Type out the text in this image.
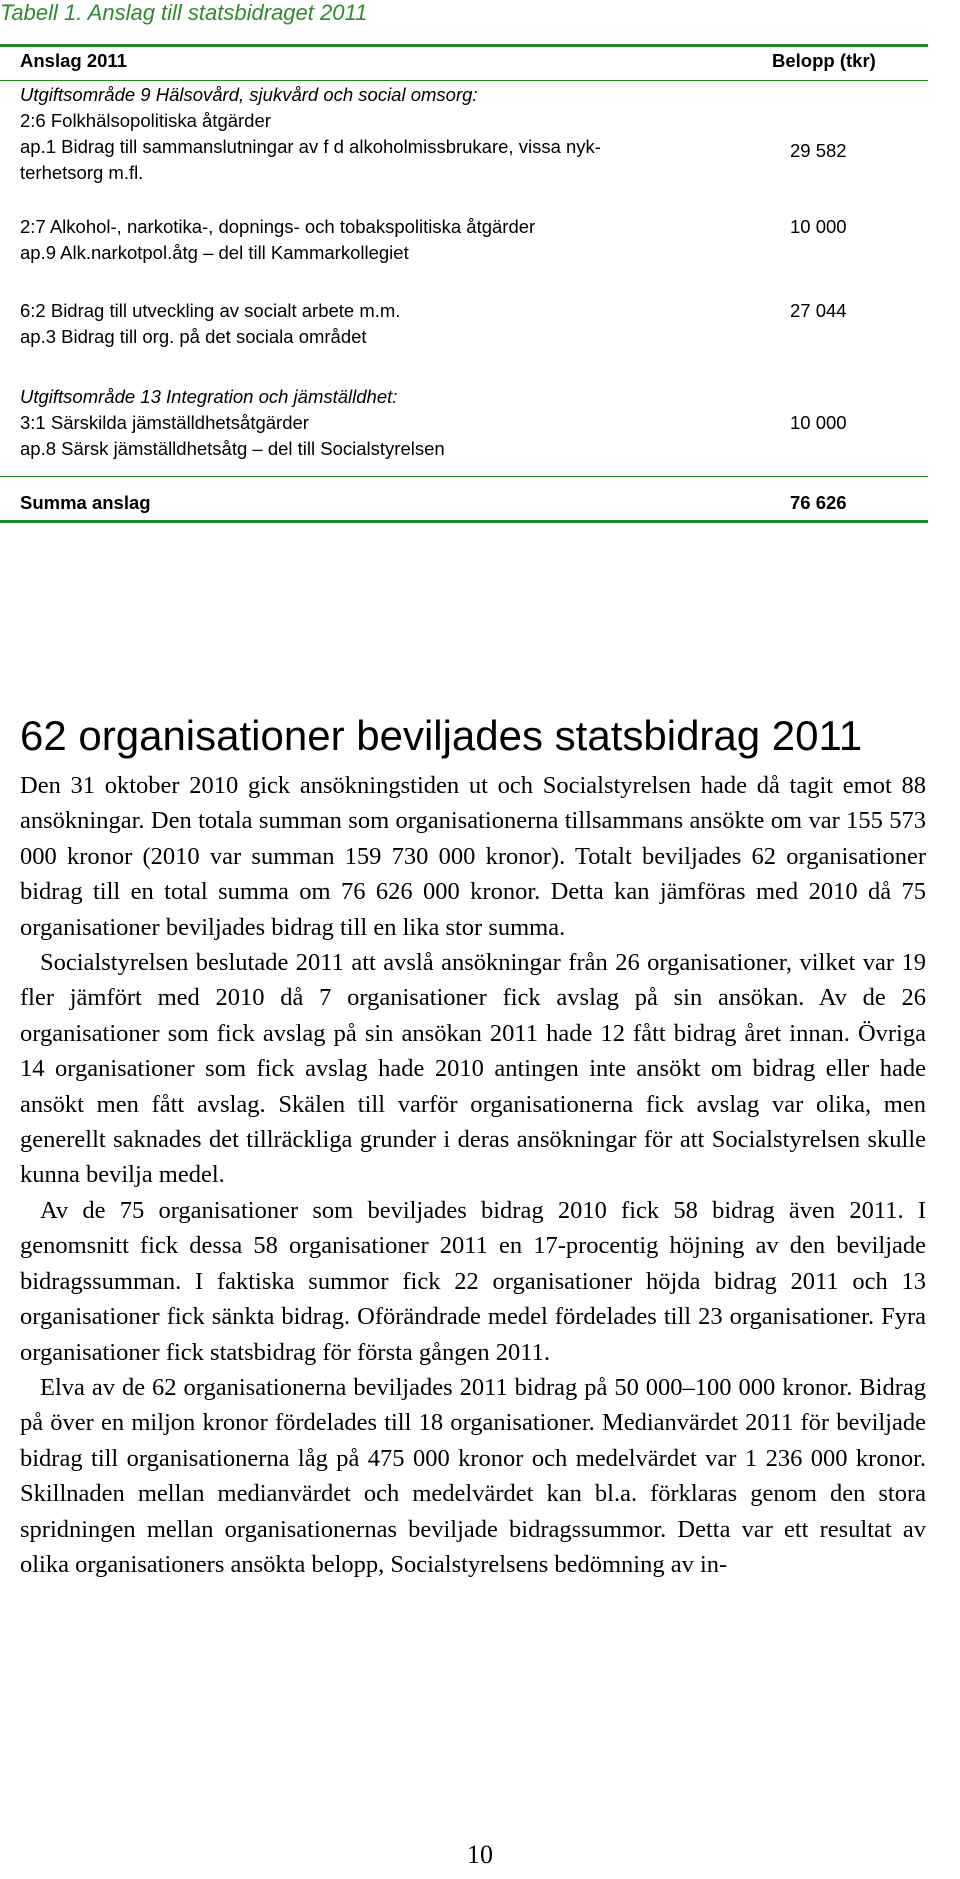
Tabell 1. Anslag till statsbidraget 2011
Anslag 2011	Belopp (tkr)
Utgiftsområde 9 Hälsovård, sjukvård och social omsorg:
2:6 Folkhälsopolitiska åtgärder
ap.1 Bidrag till sammanslutningar av f d alkoholmissbrukare, vissa nyk-	29 582
terhetsorg m.fl.
2:7 Alkohol-, narkotika-, dopnings- och tobakspolitiska åtgärder	10 000
ap.9 Alk.narkotpol.åtg – del till Kammarkollegiet
6:2 Bidrag till utveckling av socialt arbete m.m.	27 044
ap.3 Bidrag till org. på det sociala området
Utgiftsområde 13 Integration och jämställdhet:
3:1 Särskilda jämställdhetsåtgärder	10 000
ap.8 Särsk jämställdhetsåtg – del till Socialstyrelsen
Summa anslag	76 626
62 organisationer beviljades statsbidrag 2011

Den 31 oktober 2010 gick ansökningstiden ut och Socialstyrelsen hade då tagit emot 88 ansökningar. Den totala summan som organisationerna tillsammans ansökte om var 155 573 000 kronor (2010 var summan 159 730 000 kronor). Totalt beviljades 62 organisationer bidrag till en total summa om 76 626 000 kronor. Detta kan jämföras med 2010 då 75 organisationer beviljades bidrag till en lika stor summa.

Socialstyrelsen beslutade 2011 att avslå ansökningar från 26 organisationer, vilket var 19 fler jämfört med 2010 då 7 organisationer fick avslag på sin ansökan. Av de 26 organisationer som fick avslag på sin ansökan 2011 hade 12 fått bidrag året innan. Övriga 14 organisationer som fick avslag hade 2010 antingen inte ansökt om bidrag eller hade ansökt men fått avslag. Skälen till varför organisationerna fick avslag var olika, men generellt saknades det tillräckliga grunder i deras ansökningar för att Socialstyrelsen skulle kunna bevilja medel.

Av de 75 organisationer som beviljades bidrag 2010 fick 58 bidrag även 2011. I genomsnitt fick dessa 58 organisationer 2011 en 17-procentig höjning av den beviljade bidragssumman. I faktiska summor fick 22 organisationer höjda bidrag 2011 och 13 organisationer fick sänkta bidrag. Oförändrade medel fördelades till 23 organisationer. Fyra organisationer fick statsbidrag för första gången 2011.

Elva av de 62 organisationerna beviljades 2011 bidrag på 50 000–100 000 kronor. Bidrag på över en miljon kronor fördelades till 18 organisationer. Medianvärdet 2011 för beviljade bidrag till organisationerna låg på 475 000 kronor och medelvärdet var 1 236 000 kronor. Skillnaden mellan medianvärdet och medelvärdet kan bl.a. förklaras genom den stora spridningen mellan organisationernas beviljade bidragssummor. Detta var ett resultat av olika organisationers ansökta belopp, Socialstyrelsens bedömning av in-

10
